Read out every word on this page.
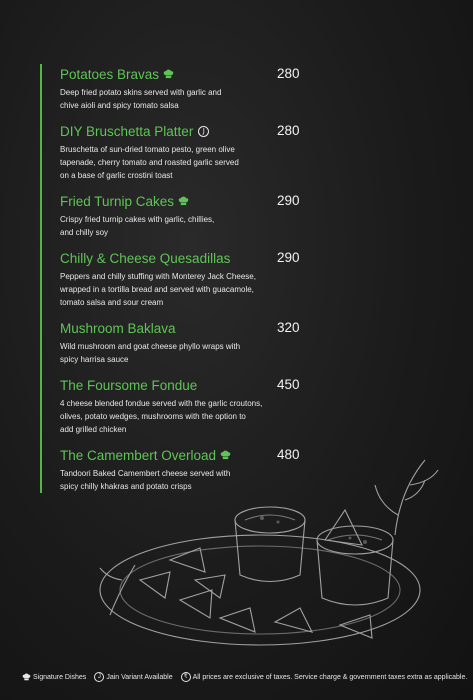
Potatoes Bravas	280
Deep fried potato skins served with garlic and
chive aioli and spicy tomato salsa
DIY Bruschetta Platter	J	280
Bruschetta of sun-dried tomato pesto, green olive
tapenade, cherry tomato and roasted garlic served
on a base of garlic crostini toast
Fried Turnip Cakes	290
Crispy fried turnip cakes with garlic, chillies,
and chilly soy
Chilly & Cheese Quesadillas	290
Peppers and chilly stuffing with Monterey Jack Cheese,
wrapped in a tortilla bread and served with guacamole,
tomato salsa and sour cream
Mushroom Baklava	320
Wild mushroom and goat cheese phyllo wraps with
spicy harrisa sauce
The Foursome Fondue	450
4 cheese blended fondue served with the garlic croutons,
olives, potato wedges, mushrooms with the option to
add grilled chicken
The Camembert Overload	480
Tandoori Baked Camembert cheese served with
spicy chilly khakras and potato crisps
Signature Dishes	J Jain Variant Available	₹ All prices are exclusive of taxes. Service charge & government taxes extra as applicable.
